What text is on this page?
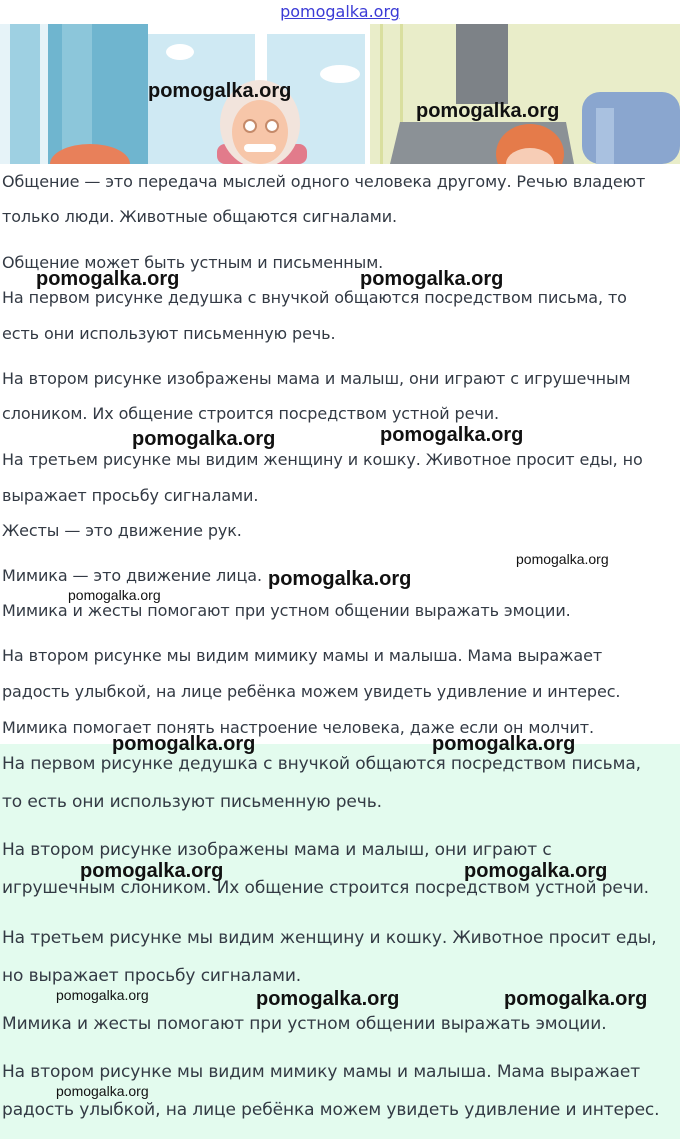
pomogalka.org
Общение — это передача мыслей одного человека другому. Речью владеют
только люди. Животные общаются сигналами.
Общение может быть устным и письменным.
На первом рисунке дедушка с внучкой общаются посредством письма, то
есть они используют письменную речь.
На втором рисунке изображены мама и малыш, они играют с игрушечным
слоником. Их общение строится посредством устной речи.
На третьем рисунке мы видим женщину и кошку. Животное просит еды, но
выражает просьбу сигналами.
Жесты — это движение рук.
Мимика — это движение лица.
Мимика и жесты помогают при устном общении выражать эмоции.
На втором рисунке мы видим мимику мамы и малыша. Мама выражает
радость улыбкой, на лице ребёнка можем увидеть удивление и интерес.
Мимика помогает понять настроение человека, даже если он молчит.
На первом рисунке дедушка с внучкой общаются посредством письма,
то есть они используют письменную речь.
На втором рисунке изображены мама и малыш, они играют с
игрушечным слоником. Их общение строится посредством устной речи.
На третьем рисунке мы видим женщину и кошку. Животное просит еды,
но выражает просьбу сигналами.
Мимика и жесты помогают при устном общении выражать эмоции.
На втором рисунке мы видим мимику мамы и малыша. Мама выражает
радость улыбкой, на лице ребёнка можем увидеть удивление и интерес.
pomogalka.org
pomogalka.org
pomogalka.org	pomogalka.org
pomogalka.org	pomogalka.org
pomogalka.org
pomogalka.org
pomogalka.org
pomogalka.org	pomogalka.org
pomogalka.org	pomogalka.org
pomogalka.org	pomogalka.org	pomogalka.org
pomogalka.org
